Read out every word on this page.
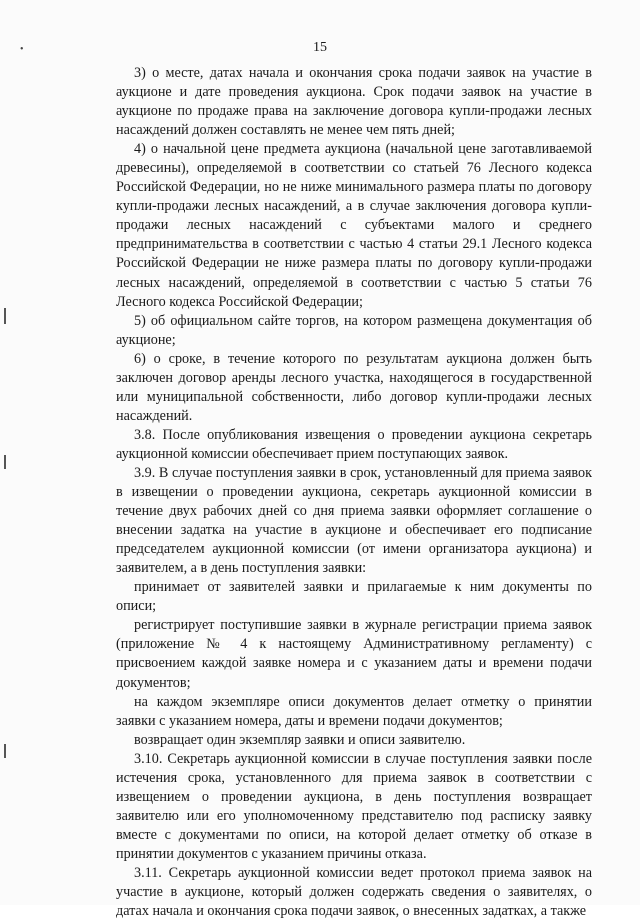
•	15

3) о месте, датах начала и окончания срока подачи заявок на участие в аукционе и дате проведения аукциона. Срок подачи заявок на участие в аукционе по продаже права на заключение договора купли-продажи лесных насаждений должен составлять не менее чем пять дней;

4) о начальной цене предмета аукциона (начальной цене заготавливаемой древесины), определяемой в соответствии со статьей 76 Лесного кодекса Российской Федерации, но не ниже минимального размера платы по договору купли-продажи лесных насаждений, а в случае заключения договора купли-продажи лесных насаждений с субъектами малого и среднего предпринимательства в соответствии с частью 4 статьи 29.1 Лесного кодекса Российской Федерации не ниже размера платы по договору купли-продажи лесных насаждений, определяемой в соответствии с частью 5 статьи 76 Лесного кодекса Российской Федерации;

5) об официальном сайте торгов, на котором размещена документация об аукционе;

6) о сроке, в течение которого по результатам аукциона должен быть заключен договор аренды лесного участка, находящегося в государственной или муниципальной собственности, либо договор купли-продажи лесных насаждений.

3.8. После опубликования извещения о проведении аукциона секретарь аукционной комиссии обеспечивает прием поступающих заявок.

3.9. В случае поступления заявки в срок, установленный для приема заявок в извещении о проведении аукциона, секретарь аукционной комиссии в течение двух рабочих дней со дня приема заявки оформляет соглашение о внесении задатка на участие в аукционе и обеспечивает его подписание председателем аукционной комиссии (от имени организатора аукциона) и заявителем, а в день поступления заявки:

принимает от заявителей заявки и прилагаемые к ним документы по описи;

регистрирует поступившие заявки в журнале регистрации приема заявок (приложение № 4 к настоящему Административному регламенту) с присвоением каждой заявке номера и с указанием даты и времени подачи документов;

на каждом экземпляре описи документов делает отметку о принятии заявки с указанием номера, даты и времени подачи документов;

возвращает один экземпляр заявки и описи заявителю.

3.10. Секретарь аукционной комиссии в случае поступления заявки после истечения срока, установленного для приема заявок в соответствии с извещением о проведении аукциона, в день поступления возвращает заявителю или его уполномоченному представителю под расписку заявку вместе с документами по описи, на которой делает отметку об отказе в принятии документов с указанием причины отказа.

3.11. Секретарь аукционной комиссии ведет протокол приема заявок на участие в аукционе, который должен содержать сведения о заявителях, о датах начала и окончания срока подачи заявок, о внесенных задатках, а также
